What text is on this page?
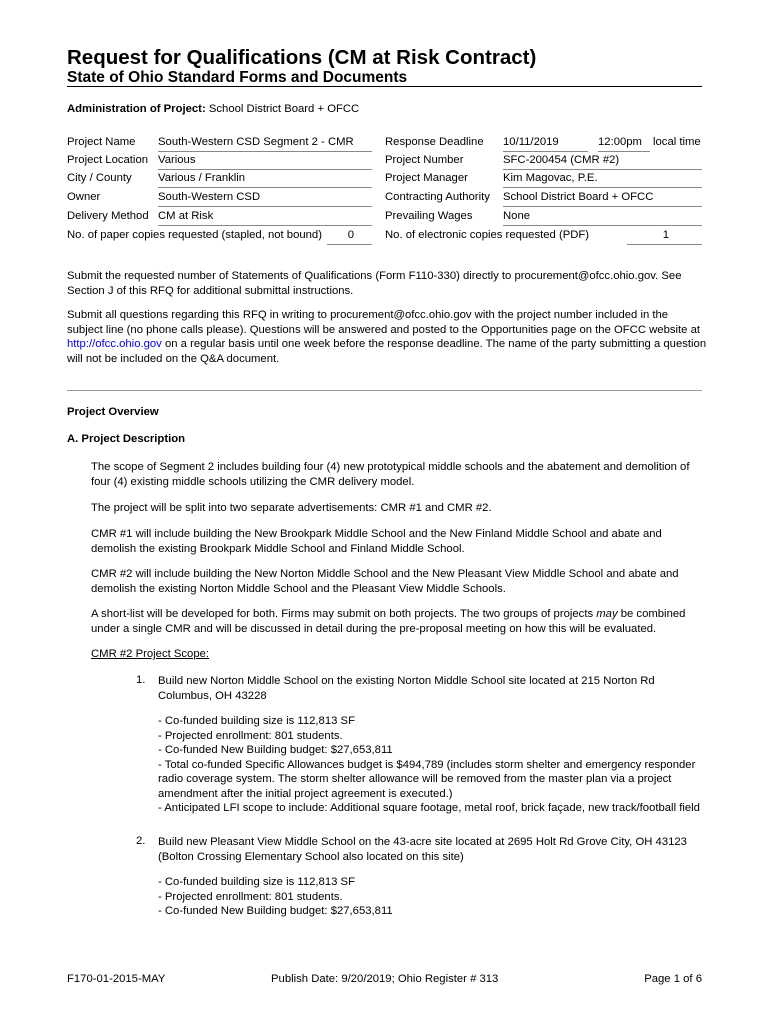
Request for Qualifications (CM at Risk Contract)
State of Ohio Standard Forms and Documents
Administration of Project: School District Board + OFCC
Project Name South-Western CSD Segment 2 - CMR
Project Location Various
City / County Various / Franklin
Owner	South-Western CSD
Delivery Method CM at Risk
No. of paper copies requested (stapled, not bound)	0
Response Deadline 10/11/2019	12:00pm local time
Project Number	SFC-200454 (CMR #2)
Project Manager	Kim Magovac, P.E.
Contracting Authority School District Board + OFCC
Prevailing Wages	None
No. of electronic copies requested (PDF)	1
Submit the requested number of Statements of Qualifications (Form F110-330) directly to procurement@ofcc.ohio.gov. See Section J of this RFQ for additional submittal instructions.
Submit all questions regarding this RFQ in writing to procurement@ofcc.ohio.gov with the project number included in the subject line (no phone calls please). Questions will be answered and posted to the Opportunities page on the OFCC website at http://ofcc.ohio.gov on a regular basis until one week before the response deadline. The name of the party submitting a question will not be included on the Q&A document.
Project Overview
A. Project Description
The scope of Segment 2 includes building four (4) new prototypical middle schools and the abatement and demolition of four (4) existing middle schools utilizing the CMR delivery model.
The project will be split into two separate advertisements: CMR #1 and CMR #2.
CMR #1 will include building the New Brookpark Middle School and the New Finland Middle School and abate and demolish the existing Brookpark Middle School and Finland Middle School.
CMR #2 will include building the New Norton Middle School and the New Pleasant View Middle School and abate and demolish the existing Norton Middle School and the Pleasant View Middle Schools.
A short-list will be developed for both. Firms may submit on both projects. The two groups of projects may be combined under a single CMR and will be discussed in detail during the pre-proposal meeting on how this will be evaluated.
CMR #2 Project Scope:
1. Build new Norton Middle School on the existing Norton Middle School site located at 215 Norton Rd Columbus, OH 43228
- Co-funded building size is 112,813 SF
- Projected enrollment: 801 students.
- Co-funded New Building budget: $27,653,811
- Total co-funded Specific Allowances budget is $494,789 (includes storm shelter and emergency responder radio coverage system. The storm shelter allowance will be removed from the master plan via a project amendment after the initial project agreement is executed.)
- Anticipated LFI scope to include: Additional square footage, metal roof, brick façade, new track/football field
2. Build new Pleasant View Middle School on the 43-acre site located at 2695 Holt Rd Grove City, OH 43123 (Bolton Crossing Elementary School also located on this site)
- Co-funded building size is 112,813 SF
- Projected enrollment: 801 students.
- Co-funded New Building budget: $27,653,811
F170-01-2015-MAY	Publish Date: 9/20/2019; Ohio Register # 313	Page 1 of 6
